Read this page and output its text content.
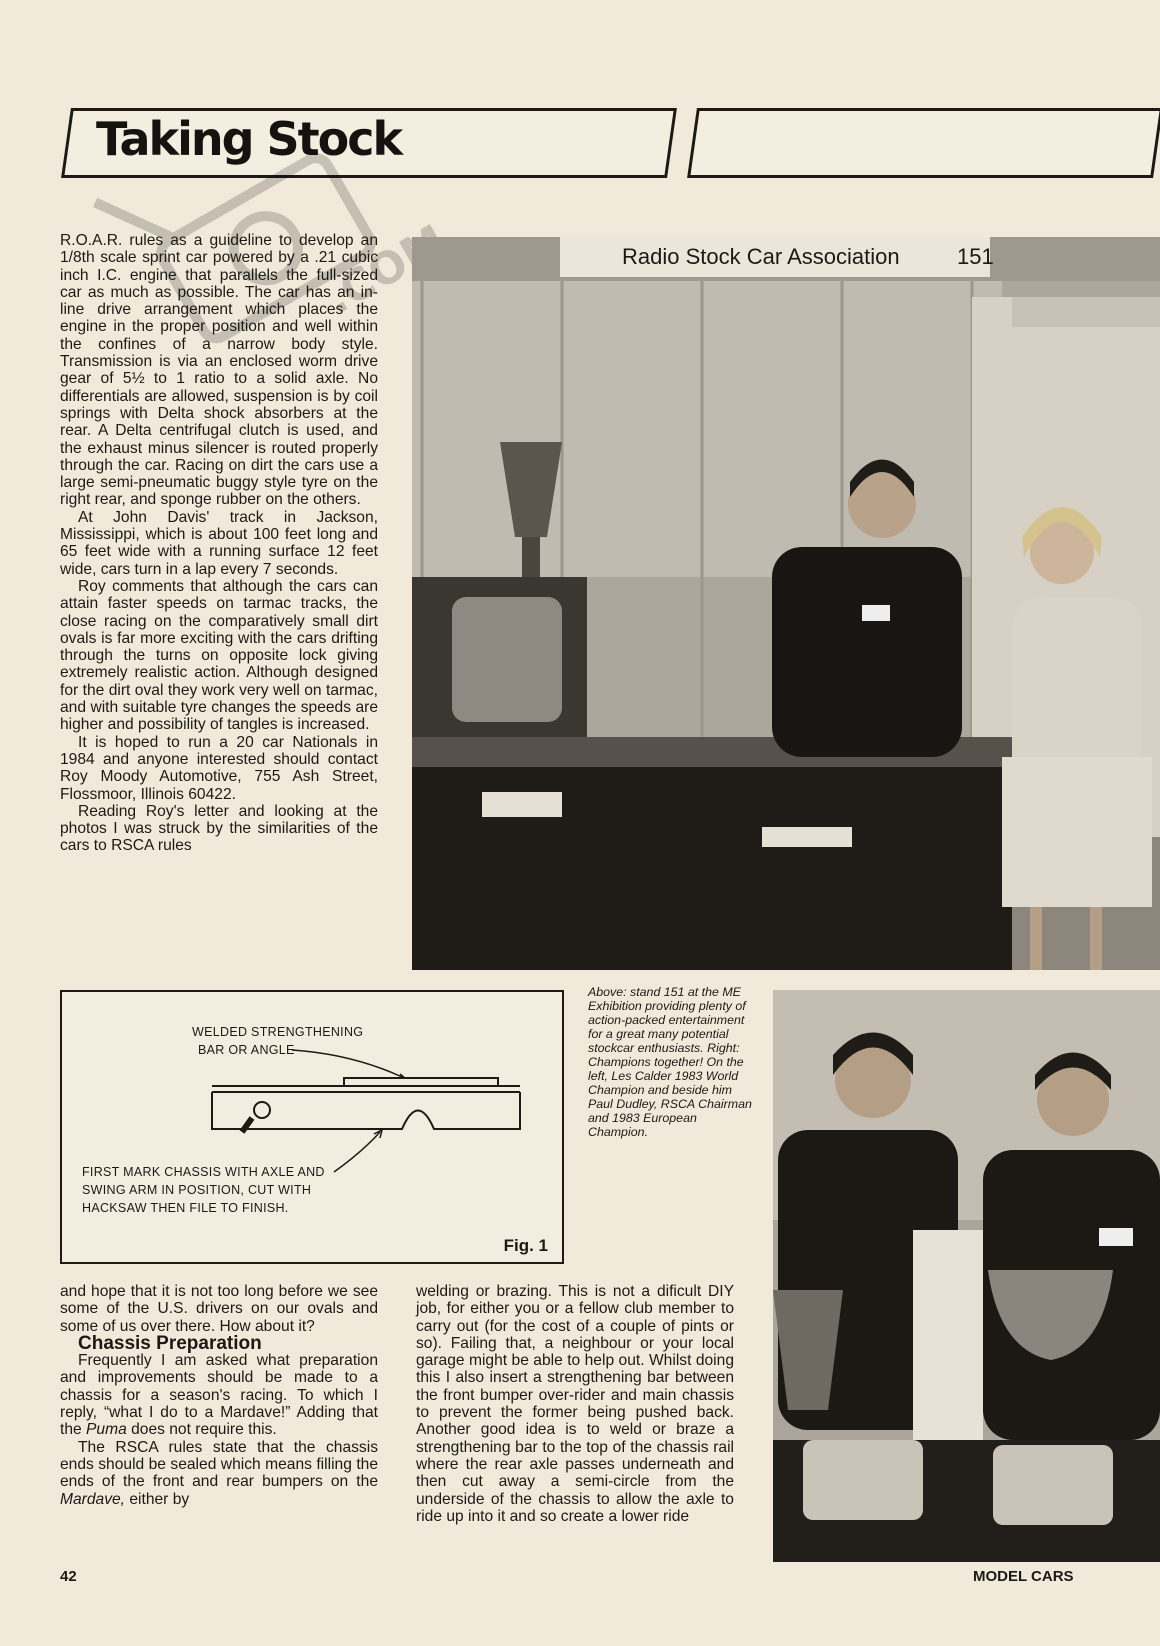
Taking Stock
.COM

R.O.A.R. rules as a guideline to develop an 1/8th scale sprint car powered by a .21 cubic inch I.C. engine that parallels the full-sized car as much as possible. The car has an in-line drive arrangement which places the engine in the proper position and well within the confines of a narrow body style. Transmission is via an enclosed worm drive gear of 5½ to 1 ratio to a solid axle. No differentials are allowed, suspension is by coil springs with Delta shock absorbers at the rear. A Delta centrifugal clutch is used, and the exhaust minus silencer is routed properly through the car. Racing on dirt the cars use a large semi-pneumatic buggy style tyre on the right rear, and sponge rubber on the others.

At John Davis' track in Jackson, Mississippi, which is about 100 feet long and 65 feet wide with a running surface 12 feet wide, cars turn in a lap every 7 seconds.

Roy comments that although the cars can attain faster speeds on tarmac tracks, the close racing on the comparatively small dirt ovals is far more exciting with the cars drifting through the turns on opposite lock giving extremely realistic action. Although designed for the dirt oval they work very well on tarmac, and with suitable tyre changes the speeds are higher and possibility of tangles is increased.

It is hoped to run a 20 car Nationals in 1984 and anyone interested should contact Roy Moody Automotive, 755 Ash Street, Flossmoor, Illinois 60422.

Reading Roy's letter and looking at the photos I was struck by the similarities of the cars to RSCA rules

Radio Stock Car Association	151
WELDED STRENGTHENING
BAR OR ANGLE
FIRST MARK CHASSIS WITH AXLE AND
SWING ARM IN POSITION, CUT WITH
HACKSAW THEN FILE TO FINISH.
Fig. 1
Above: stand 151 at the ME Exhibition providing plenty of action-packed entertainment for a great many potential stockcar enthusiasts. Right: Champions together! On the left, Les Calder 1983 World Champion and beside him Paul Dudley, RSCA Chairman and 1983 European Champion.

and hope that it is not too long before we see some of the U.S. drivers on our ovals and some of us over there. How about it?

Chassis Preparation

Frequently I am asked what preparation and improvements should be made to a chassis for a season's racing. To which I reply, “what I do to a Mardave!” Adding that the Puma does not require this.

The RSCA rules state that the chassis ends should be sealed which means filling the ends of the front and rear bumpers on the Mardave, either by

welding or brazing. This is not a dificult DIY job, for either you or a fellow club member to carry out (for the cost of a couple of pints or so). Failing that, a neighbour or your local garage might be able to help out. Whilst doing this I also insert a strengthening bar between the front bumper over-rider and main chassis to prevent the former being pushed back. Another good idea is to weld or braze a strengthening bar to the top of the chassis rail where the rear axle passes underneath and then cut away a semi-circle from the underside of the chassis to allow the axle to ride up into it and so create a lower ride

42	MODEL CARS
